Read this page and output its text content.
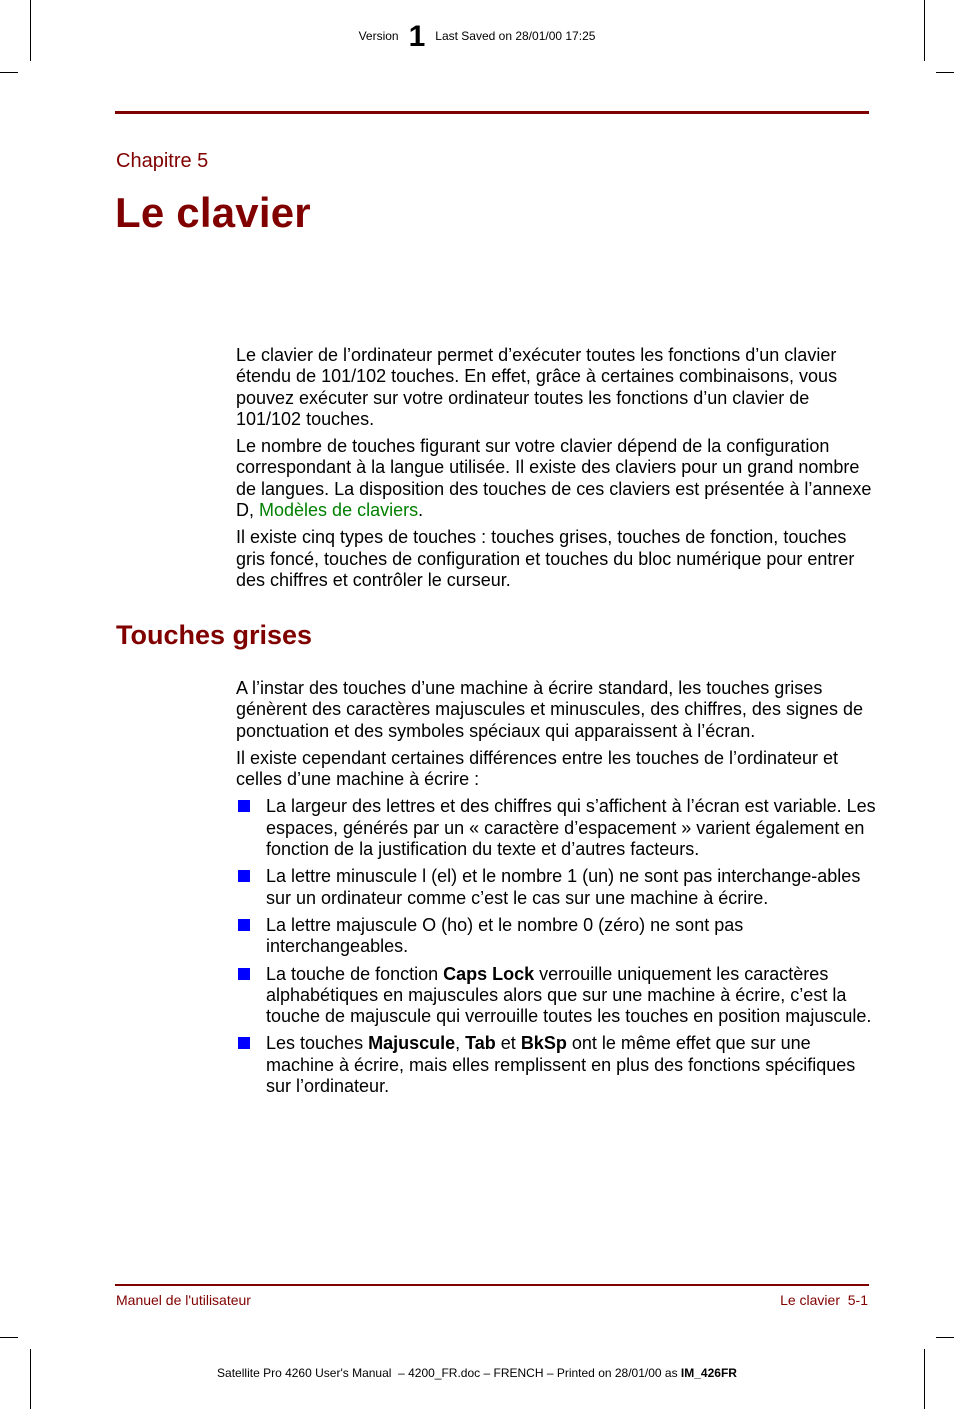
Version 1 Last Saved on 28/01/00 17:25
Chapitre 5
Le clavier

Le clavier de l’ordinateur permet d’exécuter toutes les fonctions d’un clavier étendu de 101/102 touches. En effet, grâce à certaines combinaisons, vous pouvez exécuter sur votre ordinateur toutes les fonctions d’un clavier de 101/102 touches.

Le nombre de touches figurant sur votre clavier dépend de la configuration correspondant à la langue utilisée. Il existe des claviers pour un grand nombre de langues. La disposition des touches de ces claviers est présentée à l’annexe D, Modèles de claviers.

Il existe cinq types de touches : touches grises, touches de fonction, touches gris foncé, touches de configuration et touches du bloc numérique pour entrer des chiffres et contrôler le curseur.

Touches grises

A l’instar des touches d’une machine à écrire standard, les touches grises génèrent des caractères majuscules et minuscules, des chiffres, des signes de ponctuation et des symboles spéciaux qui apparaissent à l’écran.

Il existe cependant certaines différences entre les touches de l’ordinateur et celles d’une machine à écrire :

La largeur des lettres et des chiffres qui s’affichent à l’écran est variable. Les espaces, générés par un « caractère d’espacement » varient également en fonction de la justification du texte et d’autres facteurs.
La lettre minuscule l (el) et le nombre 1 (un) ne sont pas interchange-ables sur un ordinateur comme c’est le cas sur une machine à écrire.
La lettre majuscule O (ho) et le nombre 0 (zéro) ne sont pas interchangeables.
La touche de fonction Caps Lock verrouille uniquement les caractères alphabétiques en majuscules alors que sur une machine à écrire, c’est la touche de majuscule qui verrouille toutes les touches en position majuscule.
Les touches Majuscule, Tab et BkSp ont le même effet que sur une machine à écrire, mais elles remplissent en plus des fonctions spécifiques sur l’ordinateur.
Manuel de l'utilisateur	Le clavier  5-1
Satellite Pro 4260 User's Manual  – 4200_FR.doc – FRENCH – Printed on 28/01/00 as IM_426FR
